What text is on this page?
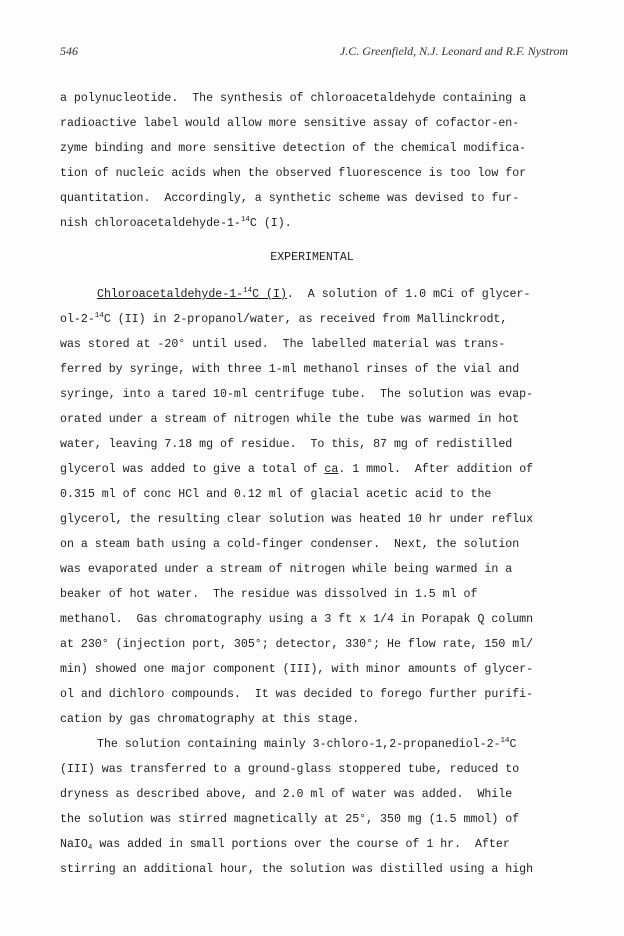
546	J.C. Greenfield, N.J. Leonard and R.F. Nystrom
a polynucleotide.  The synthesis of chloroacetaldehyde containing a
radioactive label would allow more sensitive assay of cofactor-en-
zyme binding and more sensitive detection of the chemical modifica-
tion of nucleic acids when the observed fluorescence is too low for
quantitation.  Accordingly, a synthetic scheme was devised to fur-
nish chloroacetaldehyde-1-$^{14}$C (I).
EXPERIMENTAL
Chloroacetaldehyde-1-$^{14}$C (I).  A solution of 1.0 mCi of glycer-
ol-2-$^{14}$C (II) in 2-propanol/water, as received from Mallinckrodt,
was stored at -20° until used.  The labelled material was trans-
ferred by syringe, with three 1-ml methanol rinses of the vial and
syringe, into a tared 10-ml centrifuge tube.  The solution was evap-
orated under a stream of nitrogen while the tube was warmed in hot
water, leaving 7.18 mg of residue.  To this, 87 mg of redistilled
glycerol was added to give a total of ca. 1 mmol.  After addition of
0.315 ml of conc HCl and 0.12 ml of glacial acetic acid to the
glycerol, the resulting clear solution was heated 10 hr under reflux
on a steam bath using a cold-finger condenser.  Next, the solution
was evaporated under a stream of nitrogen while being warmed in a
beaker of hot water.  The residue was dissolved in 1.5 ml of
methanol.  Gas chromatography using a 3 ft x 1/4 in Porapak Q column
at 230° (injection port, 305°; detector, 330°; He flow rate, 150 ml/
min) showed one major component (III), with minor amounts of glycer-
ol and dichloro compounds.  It was decided to forego further purifi-
cation by gas chromatography at this stage.
The solution containing mainly 3-chloro-1,2-propanediol-2-$^{14}$C
(III) was transferred to a ground-glass stoppered tube, reduced to
dryness as described above, and 2.0 ml of water was added.  While
the solution was stirred magnetically at 25°, 350 mg (1.5 mmol) of
NaIO$_4$ was added in small portions over the course of 1 hr.  After
stirring an additional hour, the solution was distilled using a high
